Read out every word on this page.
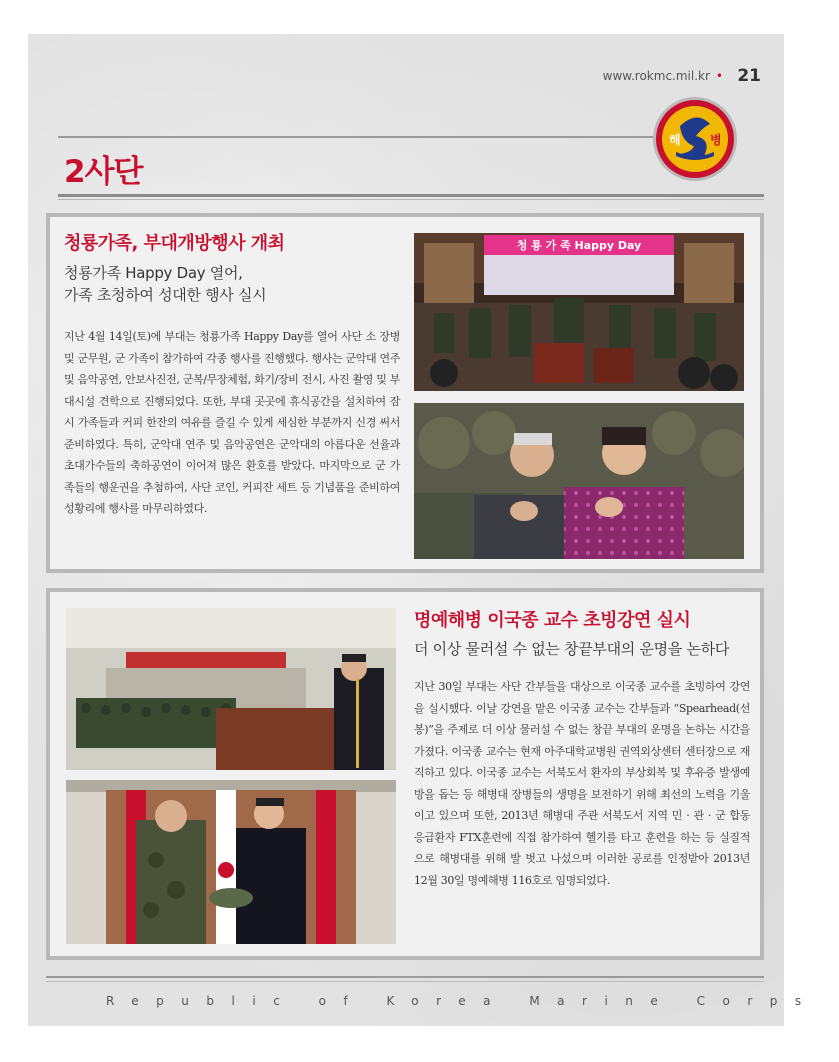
www.rokmc.mil.kr • 21
2사단
해 병
청룡가족, 부대개방행사 개최
청룡가족 Happy Day 열어,
가족 초청하여 성대한 행사 실시
지난 4월 14일(토)에 부대는 청룡가족 Happy Day를 열어 사단 소 장병 및 군무원, 군 가족이 참가하여 각종 행사를 진행했다. 행사는 군악대 연주 및 음악공연, 안보사진전, 군복/무장체험, 화기/장비 전시, 사진 촬영 및 부대시설 견학으로 진행되었다. 또한, 부대 곳곳에 휴식공간을 설치하여 잠시 가족들과 커피 한잔의 여유를 즐길 수 있게 세심한 부분까지 신경 써서 준비하였다. 특히, 군악대 연주 및 음악공연은 군악대의 아름다운 선율과 초대가수들의 축하공연이 이어져 많은 환호를 받았다. 마지막으로 군 가족들의 행운권을 추첨하여, 사단 코인, 커피잔 세트 등 기념품을 준비하여 성황리에 행사를 마무리하였다.
청 룡 가 족 Happy Day
명예해병 이국종 교수 초빙강연 실시
더 이상 물러설 수 없는 창끝부대의 운명을 논하다
지난 30일 부대는 사단 간부들을 대상으로 이국종 교수를 초빙하여 강연을 실시했다. 이날 강연을 맡은 이국종 교수는 간부들과 “Spearhead(선봉)”을 주제로 더 이상 물러설 수 없는 창끝 부대의 운명을 논하는 시간을 가졌다. 이국종 교수는 현재 아주대학교병원 권역외상센터 센터장으로 재직하고 있다. 이국종 교수는 서북도서 환자의 부상회복 및 후유증 발생예방을 돕는 등 해병대 장병들의 생명을 보전하기 위해 최선의 노력을 기울이고 있으며 또한, 2013년 해병대 주관 서북도서 지역 민 · 관 · 군 합동 응급환자 FTX훈련에 직접 참가하여 헬기를 타고 훈련을 하는 등 실질적으로 해병대를 위해 발 벗고 나섰으며 이러한 공로를 인정받아 2013년 12월 30일 명예해병 116호로 임명되었다.
Republic of Korea Marine Corps
